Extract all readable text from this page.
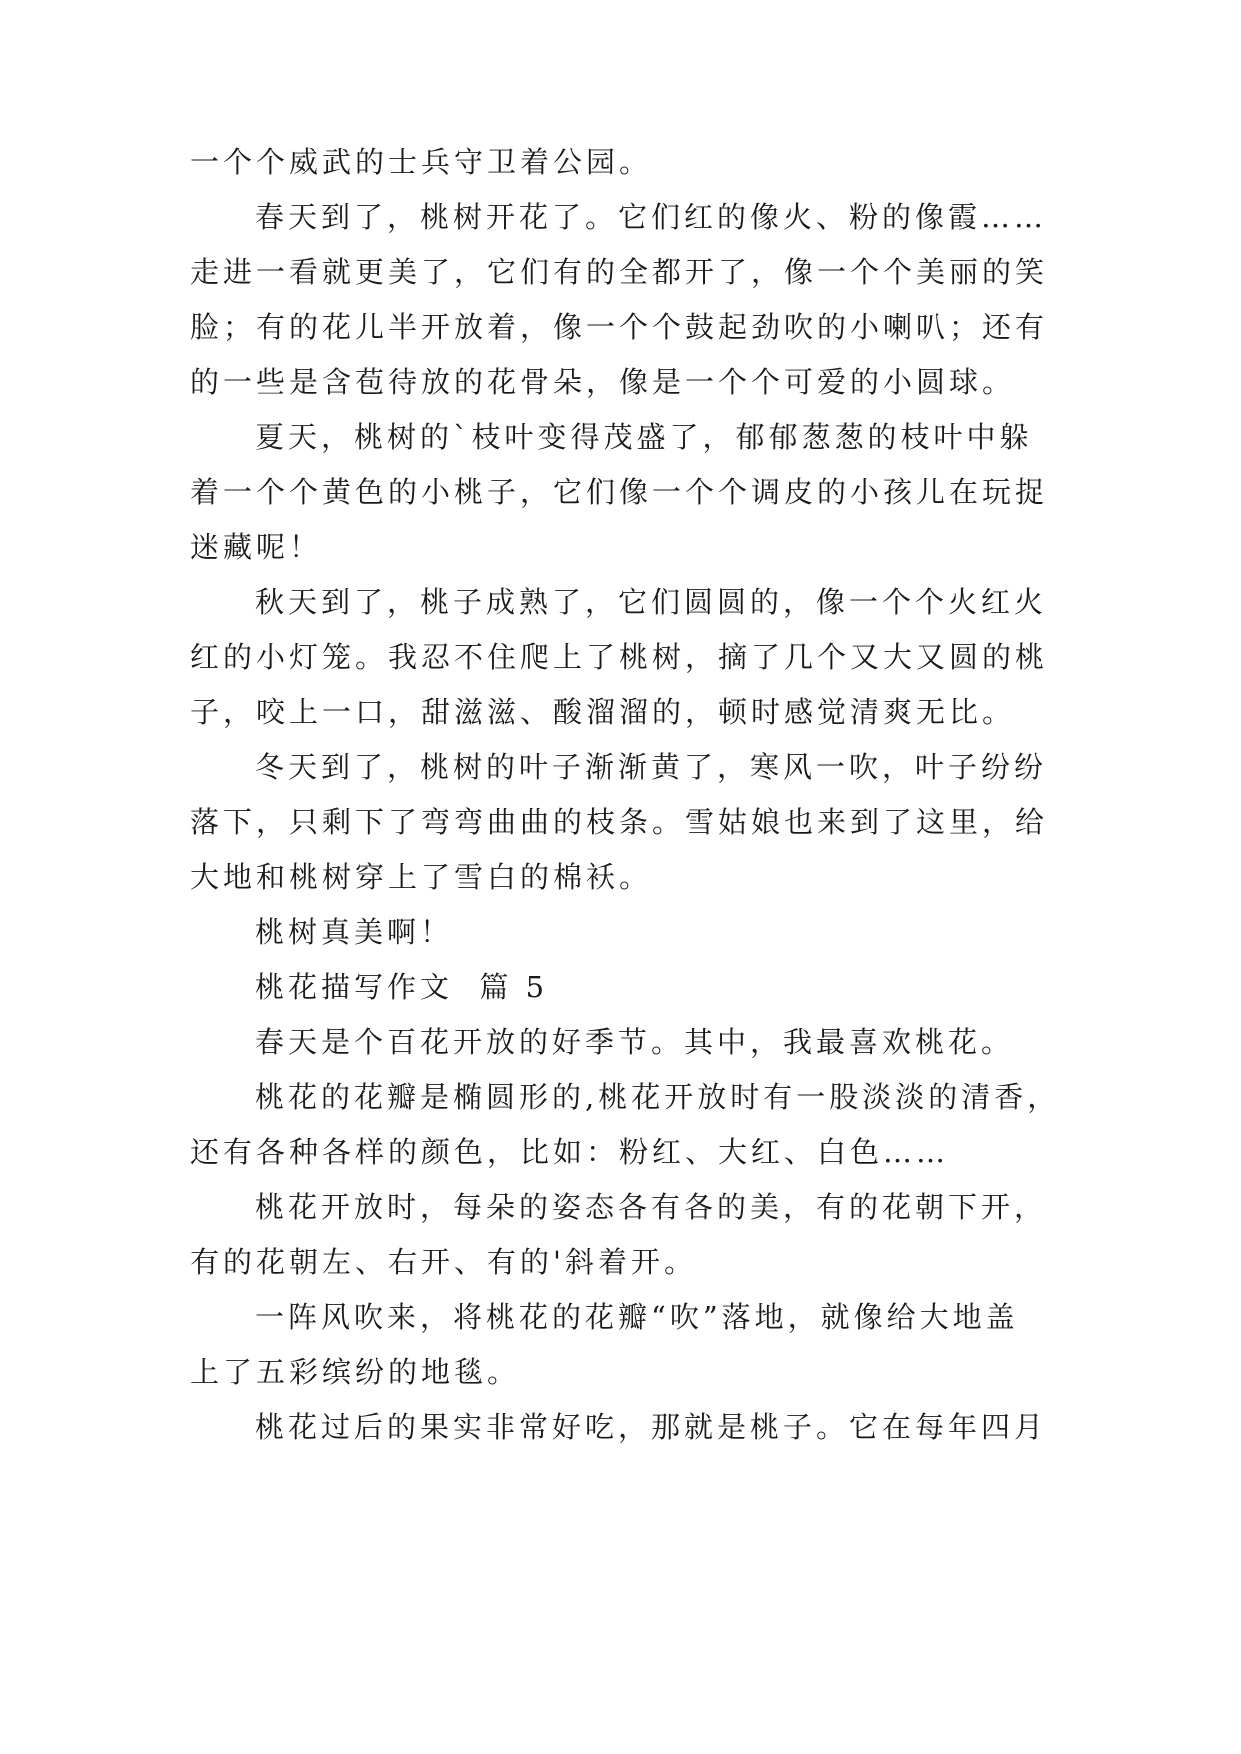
一个个威武的士兵守卫着公园。
春天到了，桃树开花了。它们红的像火、粉的像霞……
走进一看就更美了，它们有的全都开了，像一个个美丽的笑
脸；有的花儿半开放着，像一个个鼓起劲吹的小喇叭；还有
的一些是含苞待放的花骨朵，像是一个个可爱的小圆球。
夏天，桃树的`枝叶变得茂盛了，郁郁葱葱的枝叶中躲
着一个个黄色的小桃子，它们像一个个调皮的小孩儿在玩捉
迷藏呢！
秋天到了，桃子成熟了，它们圆圆的，像一个个火红火
红的小灯笼。我忍不住爬上了桃树，摘了几个又大又圆的桃
子，咬上一口，甜滋滋、酸溜溜的，顿时感觉清爽无比。
冬天到了，桃树的叶子渐渐黄了，寒风一吹，叶子纷纷
落下，只剩下了弯弯曲曲的枝条。雪姑娘也来到了这里，给
大地和桃树穿上了雪白的棉袄。
桃树真美啊！
桃花描写作文  篇 5
春天是个百花开放的好季节。其中，我最喜欢桃花。
桃花的花瓣是椭圆形的,桃花开放时有一股淡淡的清香，
还有各种各样的颜色，比如：粉红、大红、白色……
桃花开放时，每朵的姿态各有各的美，有的花朝下开，
有的花朝左、右开、有的'斜着开。
一阵风吹来，将桃花的花瓣“吹”落地，就像给大地盖
上了五彩缤纷的地毯。
桃花过后的果实非常好吃，那就是桃子。它在每年四月
